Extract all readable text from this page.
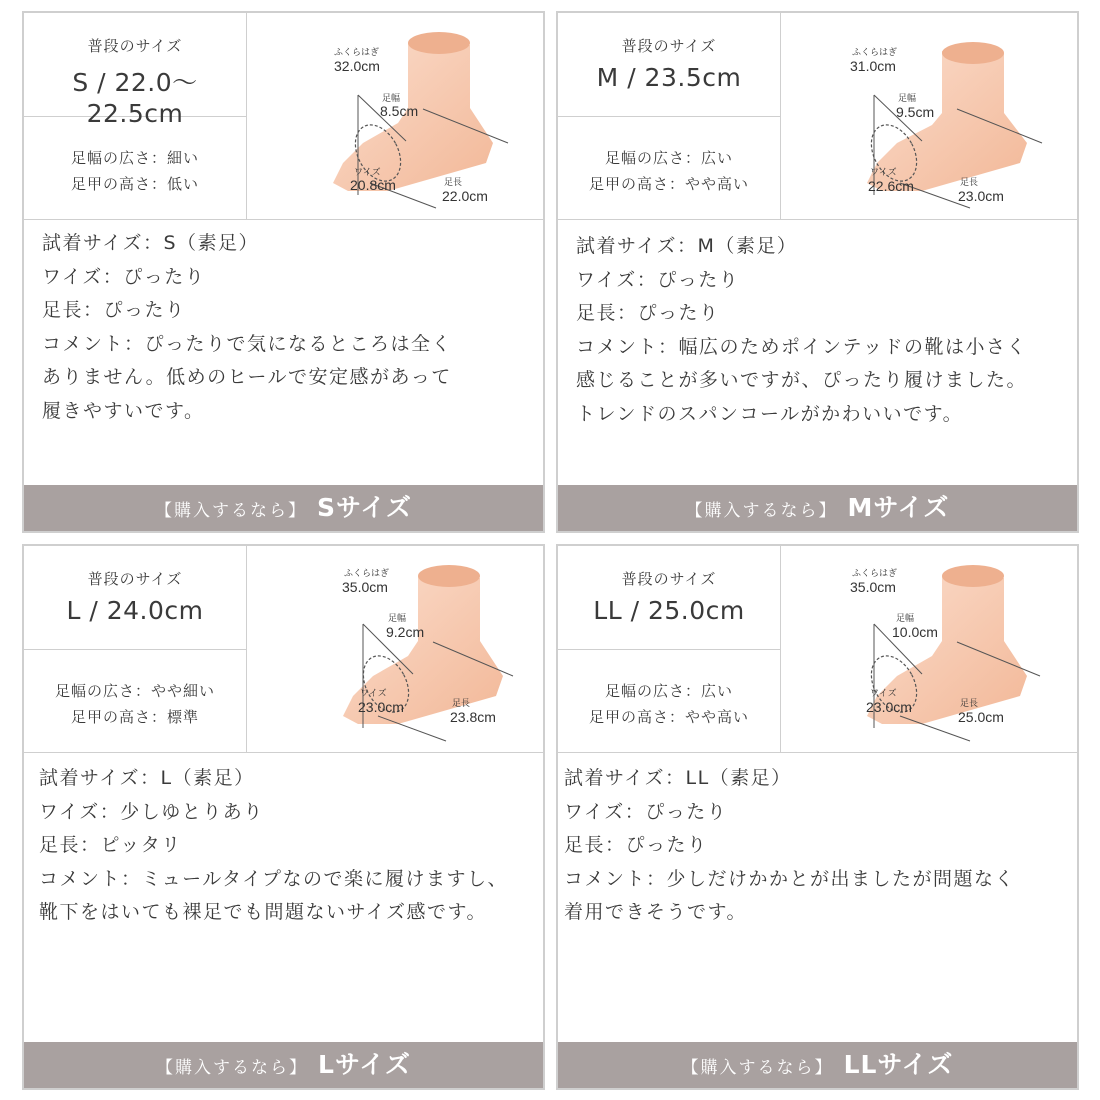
普段のサイズ
S / 22.0〜22.5cm
足幅の広さ：細い
足甲の高さ：低い
ふくらはぎ
32.0cm
足幅
8.5cm
ワイズ
20.8cm	足長
22.0cm
試着サイズ：S（素足）
ワイズ：ぴったり
足長：ぴったり
コメント：ぴったりで気になるところは全く
ありません。低めのヒールで安定感があって
履きやすいです。
【購入するなら】 Sサイズ
普段のサイズ
M / 23.5cm
足幅の広さ：広い
足甲の高さ：やや高い
ふくらはぎ
31.0cm
足幅
9.5cm
ワイズ
22.6cm	足長
23.0cm
試着サイズ：M（素足）
ワイズ：ぴったり
足長：ぴったり
コメント：幅広のためポインテッドの靴は小さく
感じることが多いですが、ぴったり履けました。
トレンドのスパンコールがかわいいです。
【購入するなら】 Mサイズ
普段のサイズ
L / 24.0cm
足幅の広さ：やや細い
足甲の高さ：標準
ふくらはぎ
35.0cm
足幅
9.2cm
ワイズ
23.0cm	足長
23.8cm
試着サイズ：L（素足）
ワイズ：少しゆとりあり
足長：ピッタリ
コメント：ミュールタイプなので楽に履けますし、
靴下をはいても裸足でも問題ないサイズ感です。
【購入するなら】 Lサイズ
普段のサイズ
LL / 25.0cm
足幅の広さ：広い
足甲の高さ：やや高い
ふくらはぎ
35.0cm
足幅
10.0cm
ワイズ
23.0cm	足長
25.0cm
試着サイズ：LL（素足）
ワイズ：ぴったり
足長：ぴったり
コメント：少しだけかかとが出ましたが問題なく
着用できそうです。
【購入するなら】 LLサイズ
